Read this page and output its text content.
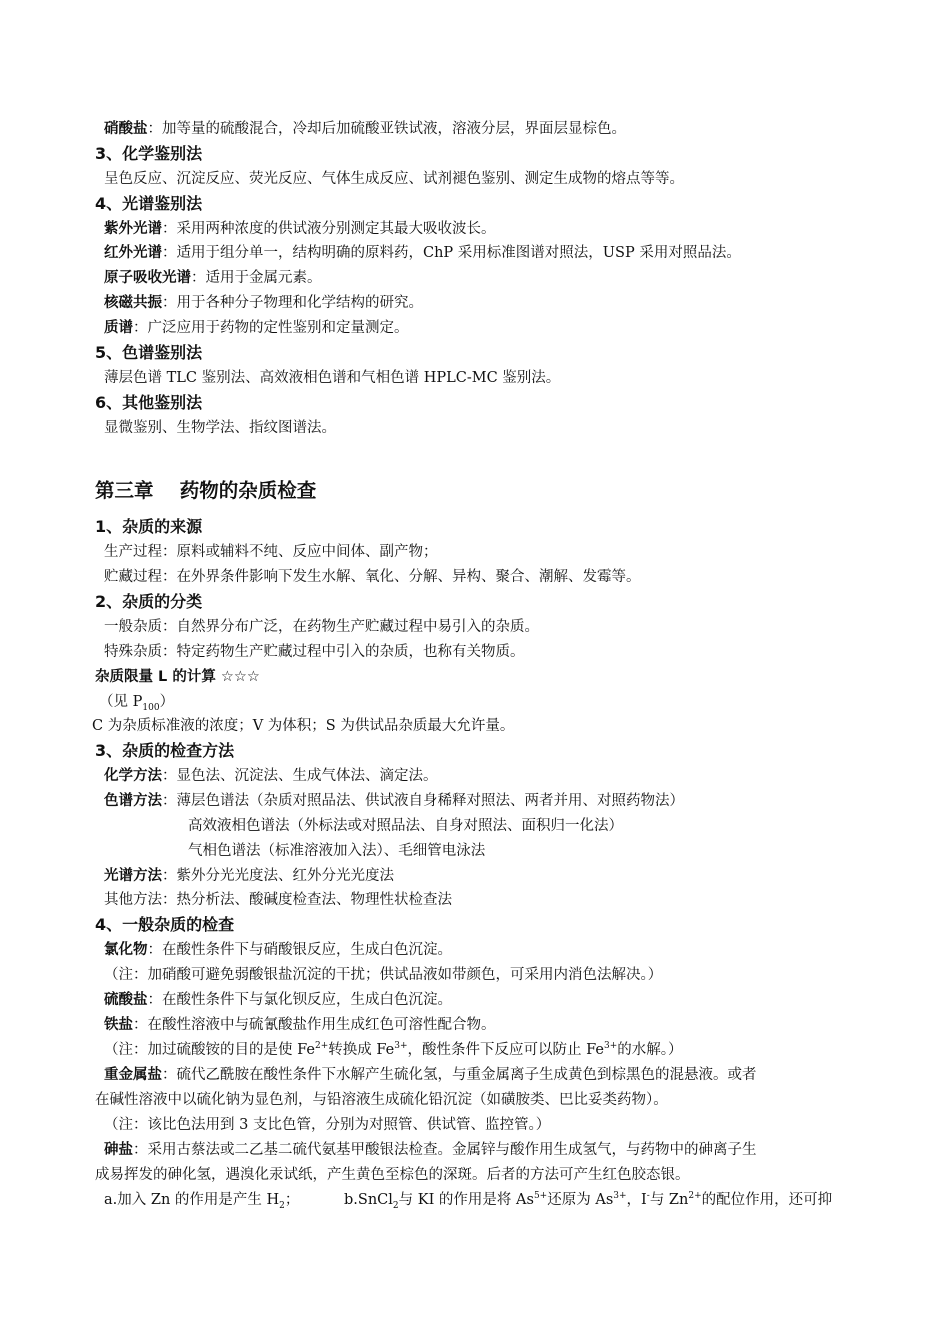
硝酸盐：加等量的硫酸混合，冷却后加硫酸亚铁试液，溶液分层，界面层显棕色。
3、化学鉴别法
呈色反应、沉淀反应、荧光反应、气体生成反应、试剂褪色鉴别、测定生成物的熔点等等。
4、光谱鉴别法
紫外光谱：采用两种浓度的供试液分别测定其最大吸收波长。
红外光谱：适用于组分单一，结构明确的原料药，ChP 采用标准图谱对照法，USP 采用对照品法。
原子吸收光谱：适用于金属元素。
核磁共振：用于各种分子物理和化学结构的研究。
质谱：广泛应用于药物的定性鉴别和定量测定。
5、色谱鉴别法
薄层色谱 TLC 鉴别法、高效液相色谱和气相色谱 HPLC-MC 鉴别法。
6、其他鉴别法
显微鉴别、生物学法、指纹图谱法。
第三章　 药物的杂质检查
1、杂质的来源
生产过程：原料或辅料不纯、反应中间体、副产物；
贮藏过程：在外界条件影响下发生水解、氧化、分解、异构、聚合、潮解、发霉等。
2、杂质的分类
一般杂质：自然界分布广泛，在药物生产贮藏过程中易引入的杂质。
特殊杂质：特定药物生产贮藏过程中引入的杂质，也称有关物质。
杂质限量 L 的计算 ☆☆☆
（见 $P_{100}$）
C 为杂质标准液的浓度；V 为体积；S 为供试品杂质最大允许量。
3、杂质的检查方法
化学方法：显色法、沉淀法、生成气体法、滴定法。
色谱方法：薄层色谱法（杂质对照品法、供试液自身稀释对照法、两者并用、对照药物法）
高效液相色谱法（外标法或对照品法、自身对照法、面积归一化法）
气相色谱法（标准溶液加入法）、毛细管电泳法
光谱方法：紫外分光光度法、红外分光光度法
其他方法：热分析法、酸碱度检查法、物理性状检查法
4、一般杂质的检查
氯化物：在酸性条件下与硝酸银反应，生成白色沉淀。
（注：加硝酸可避免弱酸银盐沉淀的干扰；供试品液如带颜色，可采用内消色法解决。）
硫酸盐：在酸性条件下与氯化钡反应，生成白色沉淀。
铁盐：在酸性溶液中与硫氰酸盐作用生成红色可溶性配合物。
（注：加过硫酸铵的目的是使 $Fe^{2+}$转换成 $Fe^{3+}$，酸性条件下反应可以防止 $Fe^{3+}$的水解。）
重金属盐：硫代乙酰胺在酸性条件下水解产生硫化氢，与重金属离子生成黄色到棕黑色的混悬液。或者
在碱性溶液中以硫化钠为显色剂，与铅溶液生成硫化铅沉淀（如磺胺类、巴比妥类药物）。
（注：该比色法用到 3 支比色管，分别为对照管、供试管、监控管。）
砷盐：采用古蔡法或二乙基二硫代氨基甲酸银法检查。金属锌与酸作用生成氢气，与药物中的砷离子生
成易挥发的砷化氢，遇溴化汞试纸，产生黄色至棕色的深斑。后者的方法可产生红色胶态银。
a.加入 Zn 的作用是产生 $H_2$；	b.SnCl$_2$与 KI 的作用是将 $As^{5+}$还原为 $As^{3+}$，I-与 $Zn^{2+}$的配位作用，还可抑
